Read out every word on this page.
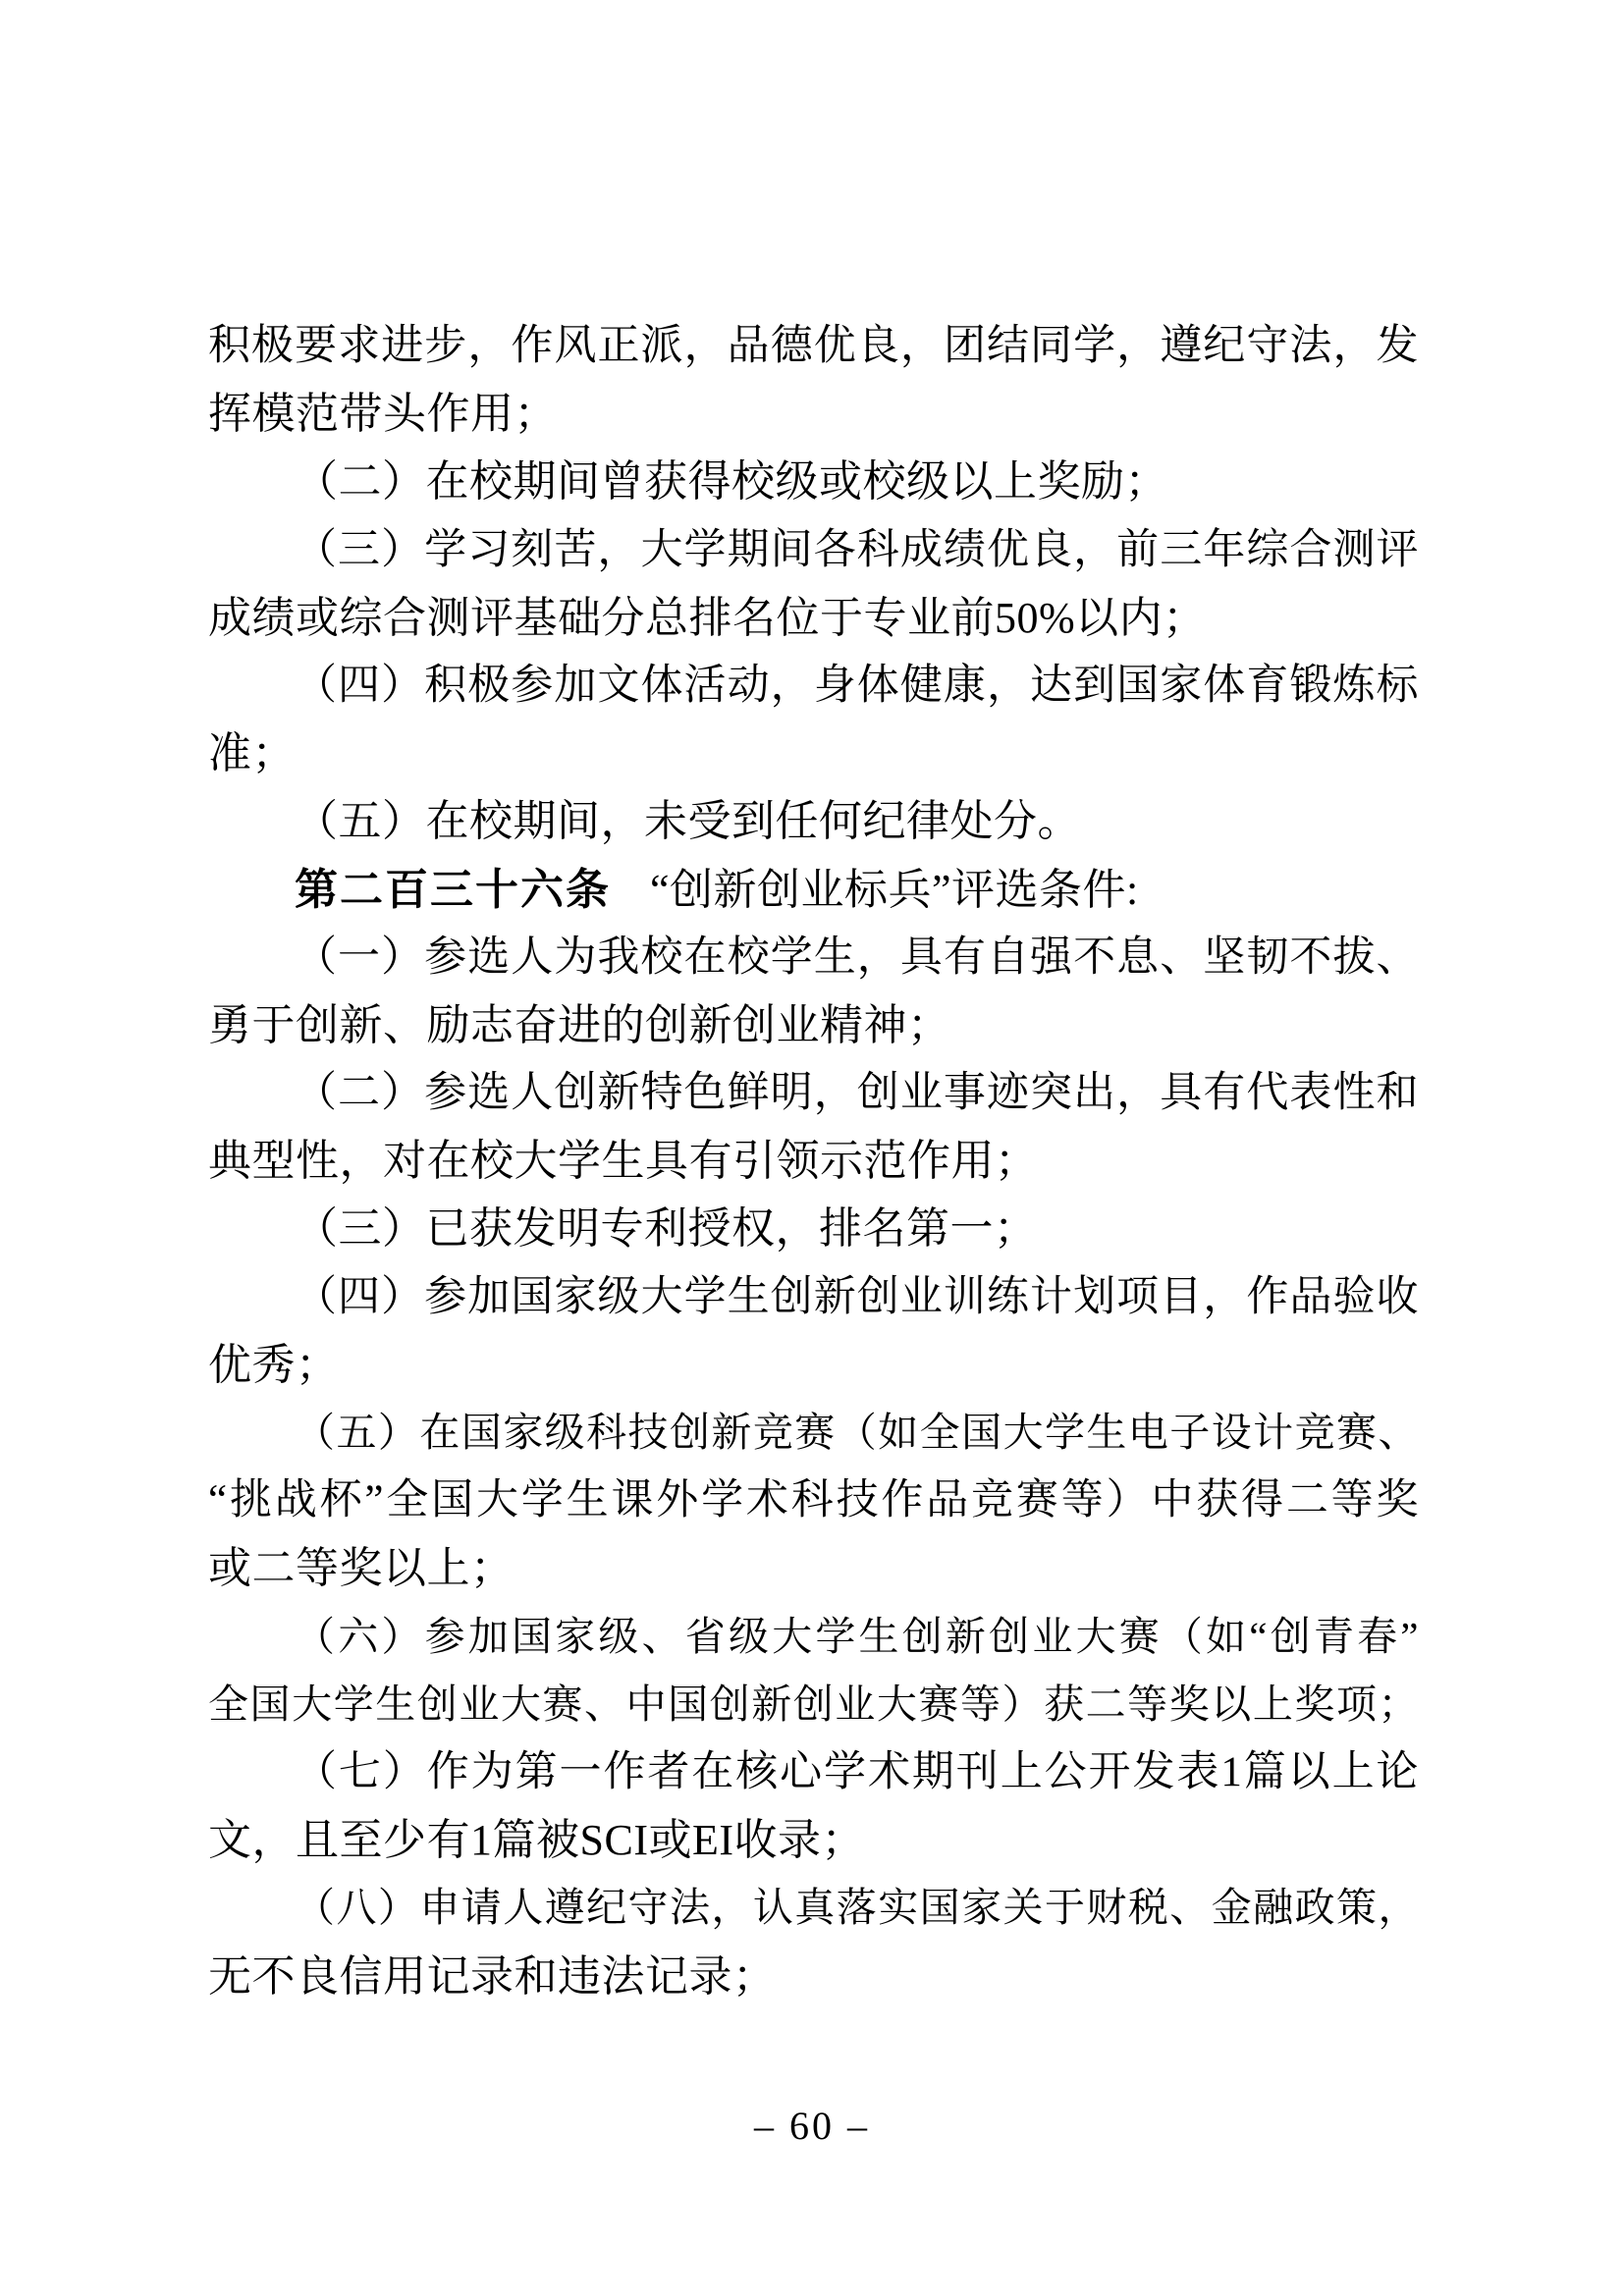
积极要求进步，作风正派，品德优良，团结同学，遵纪守法，发
挥模范带头作用；
（二）在校期间曾获得校级或校级以上奖励；
（三）学习刻苦，大学期间各科成绩优良，前三年综合测评
成绩或综合测评基础分总排名位于专业前50%以内；
（四）积极参加文体活动，身体健康，达到国家体育锻炼标
准；
（五）在校期间，未受到任何纪律处分。
第二百三十六条 “创新创业标兵”评选条件:
（一）参选人为我校在校学生，具有自强不息、坚韧不拔、
勇于创新、励志奋进的创新创业精神；
（二）参选人创新特色鲜明，创业事迹突出，具有代表性和
典型性，对在校大学生具有引领示范作用；
（三）已获发明专利授权，排名第一；
（四）参加国家级大学生创新创业训练计划项目，作品验收
优秀；
（五）在国家级科技创新竞赛（如全国大学生电子设计竞赛、
“挑战杯”全国大学生课外学术科技作品竞赛等）中获得二等奖
或二等奖以上；
（六）参加国家级、省级大学生创新创业大赛（如“创青春”
全国大学生创业大赛、中国创新创业大赛等）获二等奖以上奖项；
（七）作为第一作者在核心学术期刊上公开发表1篇以上论
文，且至少有1篇被SCI或EI收录；
（八）申请人遵纪守法，认真落实国家关于财税、金融政策，
无不良信用记录和违法记录；
– 60 –
